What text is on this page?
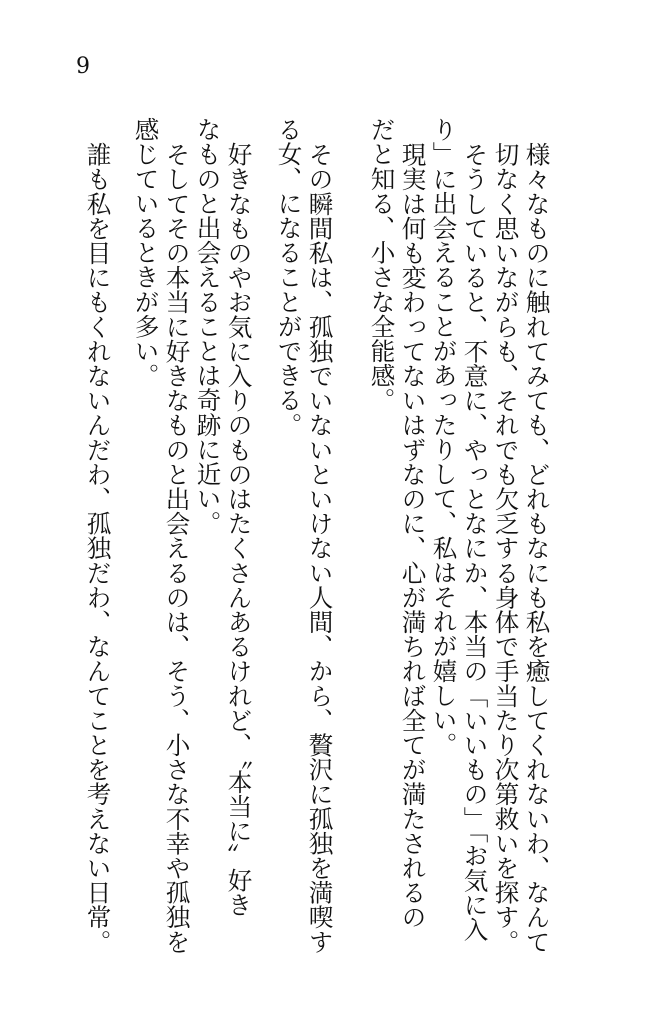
9
様々なものに触れてみても、どれもなにも私を癒してくれないわ、なんて
切なく思いながらも、それでも欠乏する身体で手当たり次第救いを探す。
そうしていると、不意に、やっとなにか、本当の「いいもの」「お気に入
り」に出会えることがあったりして、私はそれが嬉しい。
現実は何も変わってないはずなのに、心が満ちれば全てが満たされるの
だと知る、小さな全能感。
その瞬間私は、孤独でいないといけない人間、から、贅沢に孤独を満喫す
る女、になることができる。
好きなものやお気に入りのものはたくさんあるけれど、〝本当に〟好き
なものと出会えることは奇跡に近い。
そしてその本当に好きなものと出会えるのは、そう、小さな不幸や孤独を
感じているときが多い。
誰も私を目にもくれないんだわ、孤独だわ、なんてことを考えない日常。
